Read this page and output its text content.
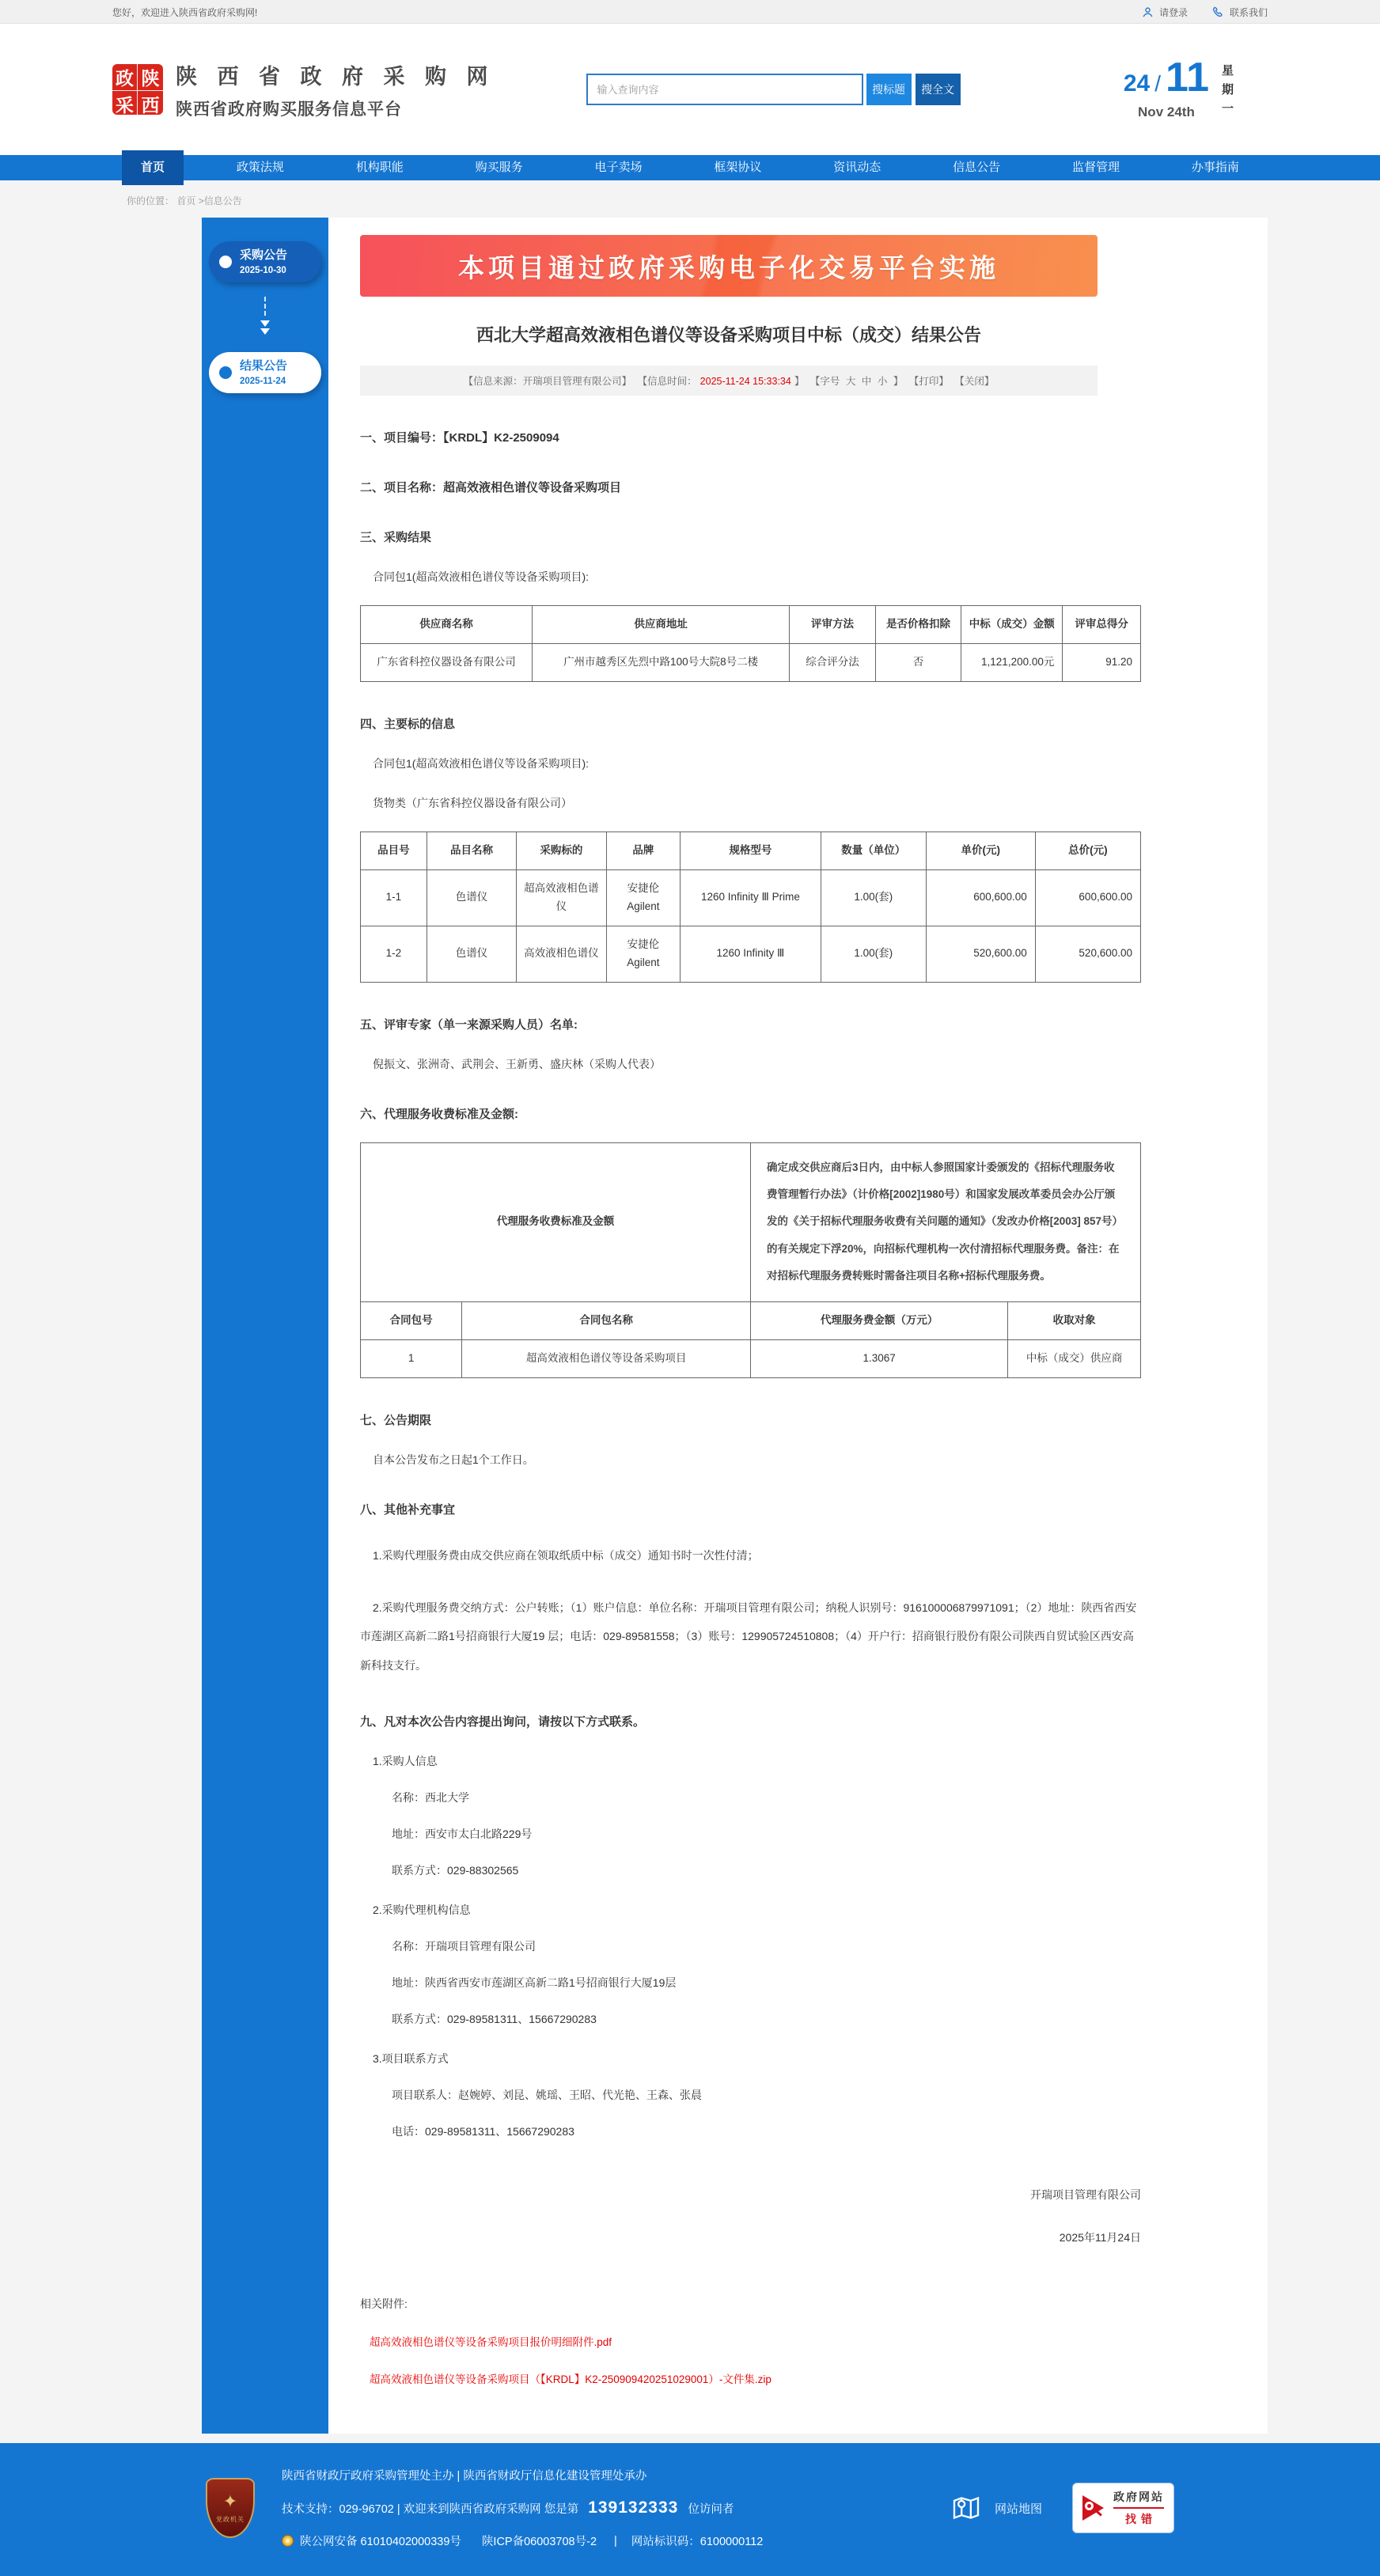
您好，欢迎进入陕西省政府采购网!	请登录	联系我们
政 陕
采 西
陕 西 省 政 府 采 购 网
陕西省政府购买服务信息平台
输入查询内容
搜标题	搜全文	24 / 11
Nov 24th
星期一
首页	政策法规	机构职能	购买服务	电子卖场	框架协议	资讯动态	信息公告	监督管理	办事指南
你的位置： 首页 >信息公告
采购公告
2025-10-30
结果公告
2025-11-24
本项目通过政府采购电子化交易平台实施
西北大学超高效液相色谱仪等设备采购项目中标（成交）结果公告
【信息来源：开瑞项目管理有限公司】 【信息时间： 2025-11-24 15:33:34 】 【字号 大 中 小 】 【打印】 【关闭】
一、项目编号：【KRDL】K2-2509094
二、项目名称：超高效液相色谱仪等设备采购项目
三、采购结果

合同包1(超高效液相色谱仪等设备采购项目):

供应商名称	供应商地址	评审方法	是否价格扣除	中标（成交）金额	评审总得分
广东省科控仪器设备有限公司	广州市越秀区先烈中路100号大院8号二楼	综合评分法	否	1,121,200.00元	91.20
四、主要标的信息

合同包1(超高效液相色谱仪等设备采购项目):

货物类（广东省科控仪器设备有限公司）

品目号	品目名称	采购标的	品牌	规格型号	数量（单位）	单价(元)	总价(元)
1-1	色谱仪	超高效液相色谱仪	安捷伦 Agilent	1260 Infinity Ⅲ Prime	1.00(套)	600,600.00	600,600.00
1-2	色谱仪	高效液相色谱仪	安捷伦 Agilent	1260 Infinity Ⅲ	1.00(套)	520,600.00	520,600.00
五、评审专家（单一来源采购人员）名单:

倪振文、张洲奇、武荆会、王新勇、盛庆林（采购人代表）

六、代理服务收费标准及金额:
代理服务收费标准及金额		确定成交供应商后3日内，由中标人参照国家计委颁发的《招标代理服务收费管理暂行办法》（计价格[2002]1980号）和国家发展改革委员会办公厅颁发的《关于招标代理服务收费有关问题的通知》（发改办价格[2003] 857号）的有关规定下浮20%，向招标代理机构一次付清招标代理服务费。备注：在对招标代理服务费转账时需备注项目名称+招标代理服务费。	
合同包号	合同包名称	代理服务费金额（万元）	收取对象
1	超高效液相色谱仪等设备采购项目	1.3067	中标（成交）供应商
七、公告期限

自本公告发布之日起1个工作日。

八、其他补充事宜

1.采购代理服务费由成交供应商在领取纸质中标（成交）通知书时一次性付清；

2.采购代理服务费交纳方式：公户转账；（1）账户信息：单位名称：开瑞项目管理有限公司；纳税人识别号：916100006879971091；（2）地址：陕西省西安市莲湖区高新二路1号招商银行大厦19 层；电话：029-89581558；（3）账号：129905724510808；（4）开户行：招商银行股份有限公司陕西自贸试验区西安高新科技支行。

九、凡对本次公告内容提出询问，请按以下方式联系。

1.采购人信息

名称：西北大学

地址：西安市太白北路229号

联系方式：029-88302565

2.采购代理机构信息

名称：开瑞项目管理有限公司

地址：陕西省西安市莲湖区高新二路1号招商银行大厦19层

联系方式：029-89581311、15667290283

3.项目联系方式

项目联系人：赵婉婷、刘昆、姚瑶、王昭、代光艳、王森、张晨

电话：029-89581311、15667290283

开瑞项目管理有限公司
2025年11月24日
相关附件:
超高效液相色谱仪等设备采购项目报价明细附件.pdf
超高效液相色谱仪等设备采购项目（【KRDL】K2-250909420251029001）-文件集.zip
✦
党政机关
陕西省财政厅政府采购管理处主办 | 陕西省财政厅信息化建设管理处承办
技术支持：029-96702 | 欢迎来到陕西省政府采购网 您是第 139132333 位访问者
陕公网安备 61010402000339号 陕ICP备06003708号-2 | 网站标识码：6100000112
网站地图
政府网站
找错
